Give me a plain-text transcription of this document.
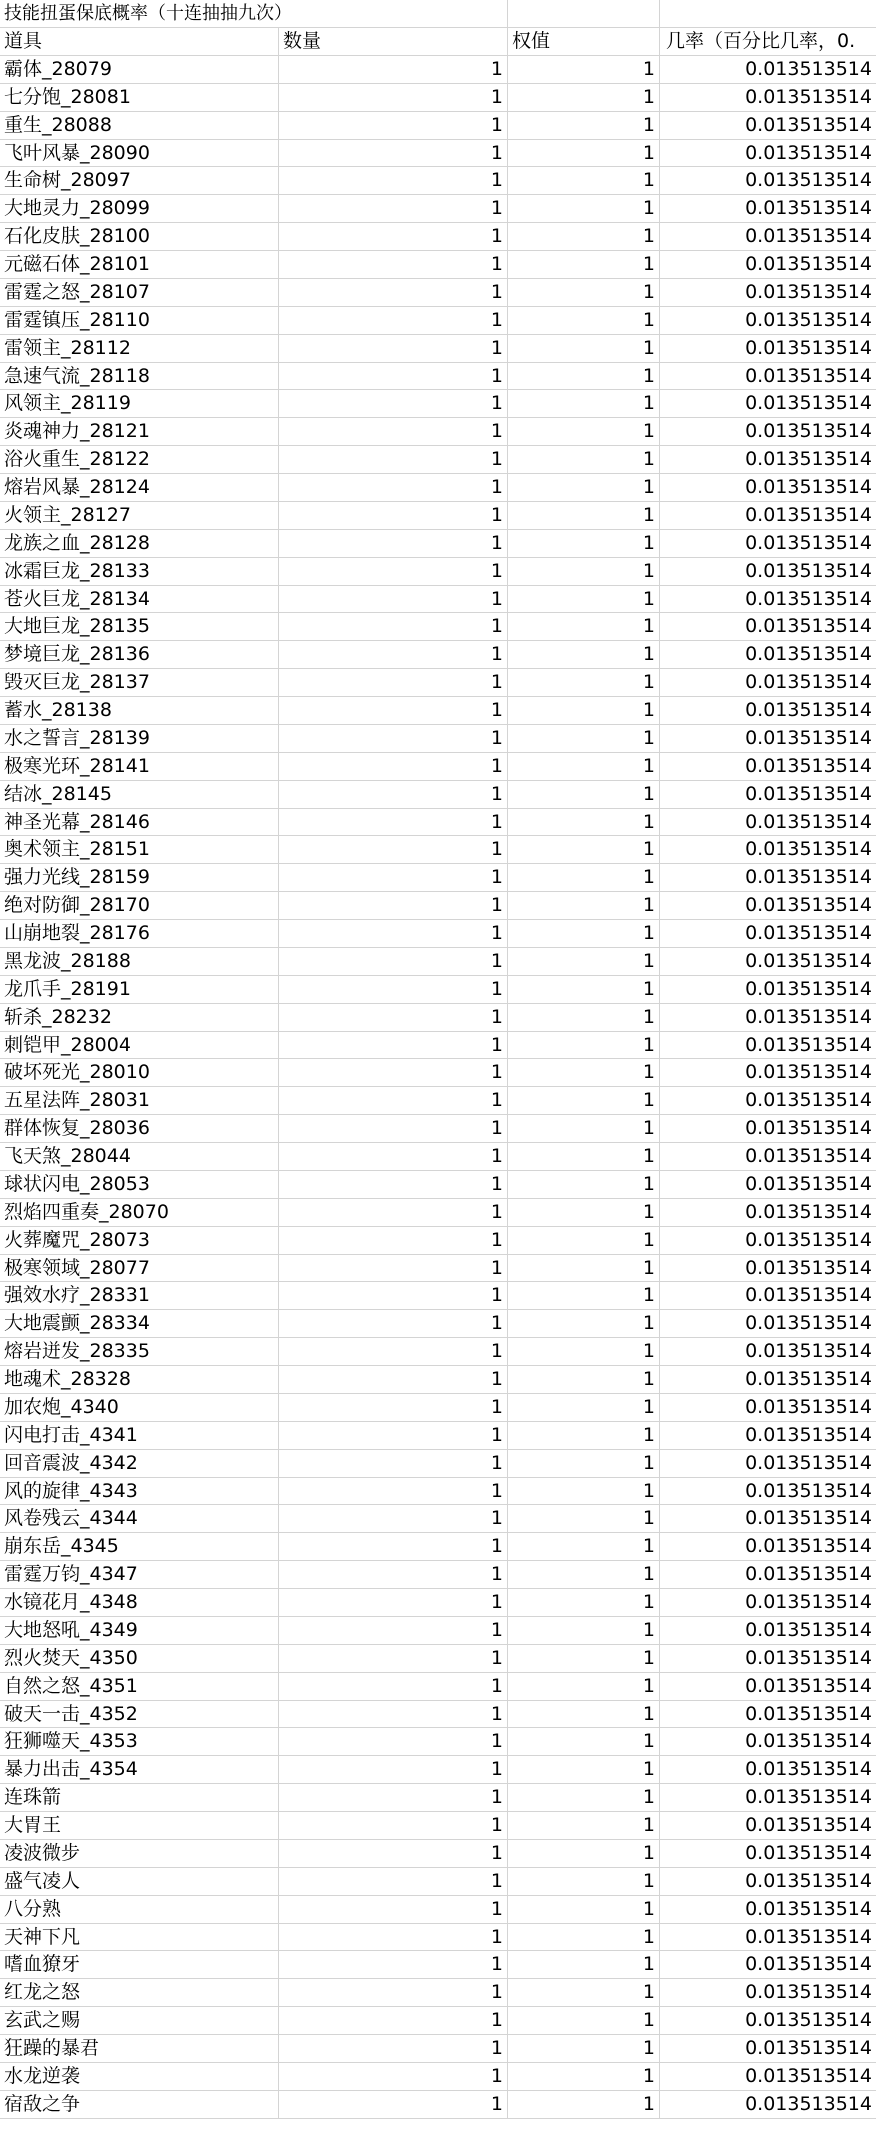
技能扭蛋保底概率（十连抽抽九次）
道具	数量	权值	几率（百分比几率，0.
霸体_28079	1	1	0.013513514
七分饱_28081	1	1	0.013513514
重生_28088	1	1	0.013513514
飞叶风暴_28090	1	1	0.013513514
生命树_28097	1	1	0.013513514
大地灵力_28099	1	1	0.013513514
石化皮肤_28100	1	1	0.013513514
元磁石体_28101	1	1	0.013513514
雷霆之怒_28107	1	1	0.013513514
雷霆镇压_28110	1	1	0.013513514
雷领主_28112	1	1	0.013513514
急速气流_28118	1	1	0.013513514
风领主_28119	1	1	0.013513514
炎魂神力_28121	1	1	0.013513514
浴火重生_28122	1	1	0.013513514
熔岩风暴_28124	1	1	0.013513514
火领主_28127	1	1	0.013513514
龙族之血_28128	1	1	0.013513514
冰霜巨龙_28133	1	1	0.013513514
苍火巨龙_28134	1	1	0.013513514
大地巨龙_28135	1	1	0.013513514
梦境巨龙_28136	1	1	0.013513514
毁灭巨龙_28137	1	1	0.013513514
蓄水_28138	1	1	0.013513514
水之誓言_28139	1	1	0.013513514
极寒光环_28141	1	1	0.013513514
结冰_28145	1	1	0.013513514
神圣光幕_28146	1	1	0.013513514
奥术领主_28151	1	1	0.013513514
强力光线_28159	1	1	0.013513514
绝对防御_28170	1	1	0.013513514
山崩地裂_28176	1	1	0.013513514
黑龙波_28188	1	1	0.013513514
龙爪手_28191	1	1	0.013513514
斩杀_28232	1	1	0.013513514
刺铠甲_28004	1	1	0.013513514
破坏死光_28010	1	1	0.013513514
五星法阵_28031	1	1	0.013513514
群体恢复_28036	1	1	0.013513514
飞天煞_28044	1	1	0.013513514
球状闪电_28053	1	1	0.013513514
烈焰四重奏_28070	1	1	0.013513514
火葬魔咒_28073	1	1	0.013513514
极寒领域_28077	1	1	0.013513514
强效水疗_28331	1	1	0.013513514
大地震颤_28334	1	1	0.013513514
熔岩迸发_28335	1	1	0.013513514
地魂术_28328	1	1	0.013513514
加农炮_4340	1	1	0.013513514
闪电打击_4341	1	1	0.013513514
回音震波_4342	1	1	0.013513514
风的旋律_4343	1	1	0.013513514
风卷残云_4344	1	1	0.013513514
崩东岳_4345	1	1	0.013513514
雷霆万钧_4347	1	1	0.013513514
水镜花月_4348	1	1	0.013513514
大地怒吼_4349	1	1	0.013513514
烈火焚天_4350	1	1	0.013513514
自然之怒_4351	1	1	0.013513514
破天一击_4352	1	1	0.013513514
狂狮噬天_4353	1	1	0.013513514
暴力出击_4354	1	1	0.013513514
连珠箭	1	1	0.013513514
大胃王	1	1	0.013513514
凌波微步	1	1	0.013513514
盛气凌人	1	1	0.013513514
八分熟	1	1	0.013513514
天神下凡	1	1	0.013513514
嗜血獠牙	1	1	0.013513514
红龙之怒	1	1	0.013513514
玄武之赐	1	1	0.013513514
狂躁的暴君	1	1	0.013513514
水龙逆袭	1	1	0.013513514
宿敌之争	1	1	0.013513514
